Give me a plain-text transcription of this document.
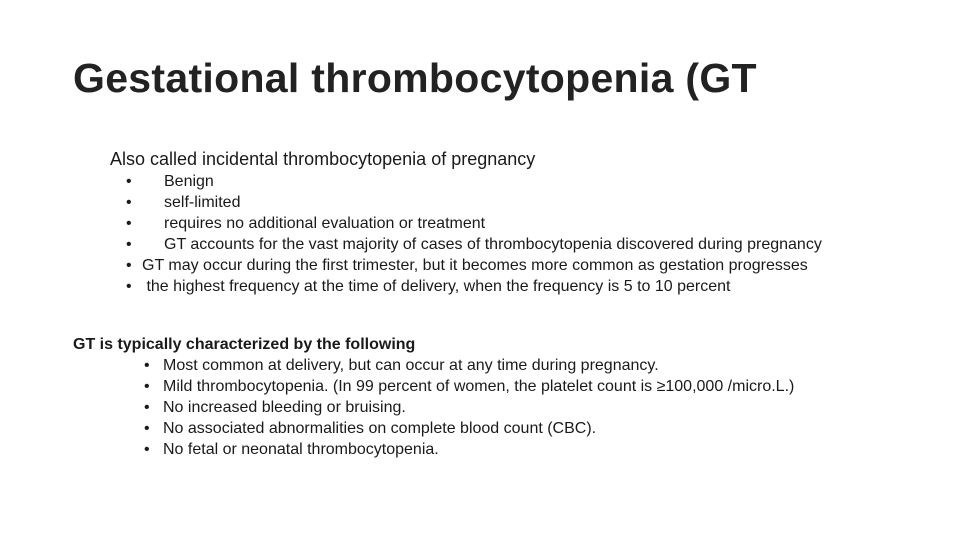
Gestational thrombocytopenia (GT
Also called incidental thrombocytopenia of pregnancy
• Benign
• self-limited
• requires no additional evaluation or treatment
• GT accounts for the vast majority of cases of thrombocytopenia discovered during pregnancy
• GT may occur during the first trimester, but it becomes more common as gestation progresses
• the highest frequency at the time of delivery, when the frequency is 5 to 10 percent
GT is typically characterized by the following
• Most common at delivery, but can occur at any time during pregnancy.
• Mild thrombocytopenia. (In 99 percent of women, the platelet count is ≥100,000 /micro.L.)
• No increased bleeding or bruising.
• No associated abnormalities on complete blood count (CBC).
• No fetal or neonatal thrombocytopenia.
